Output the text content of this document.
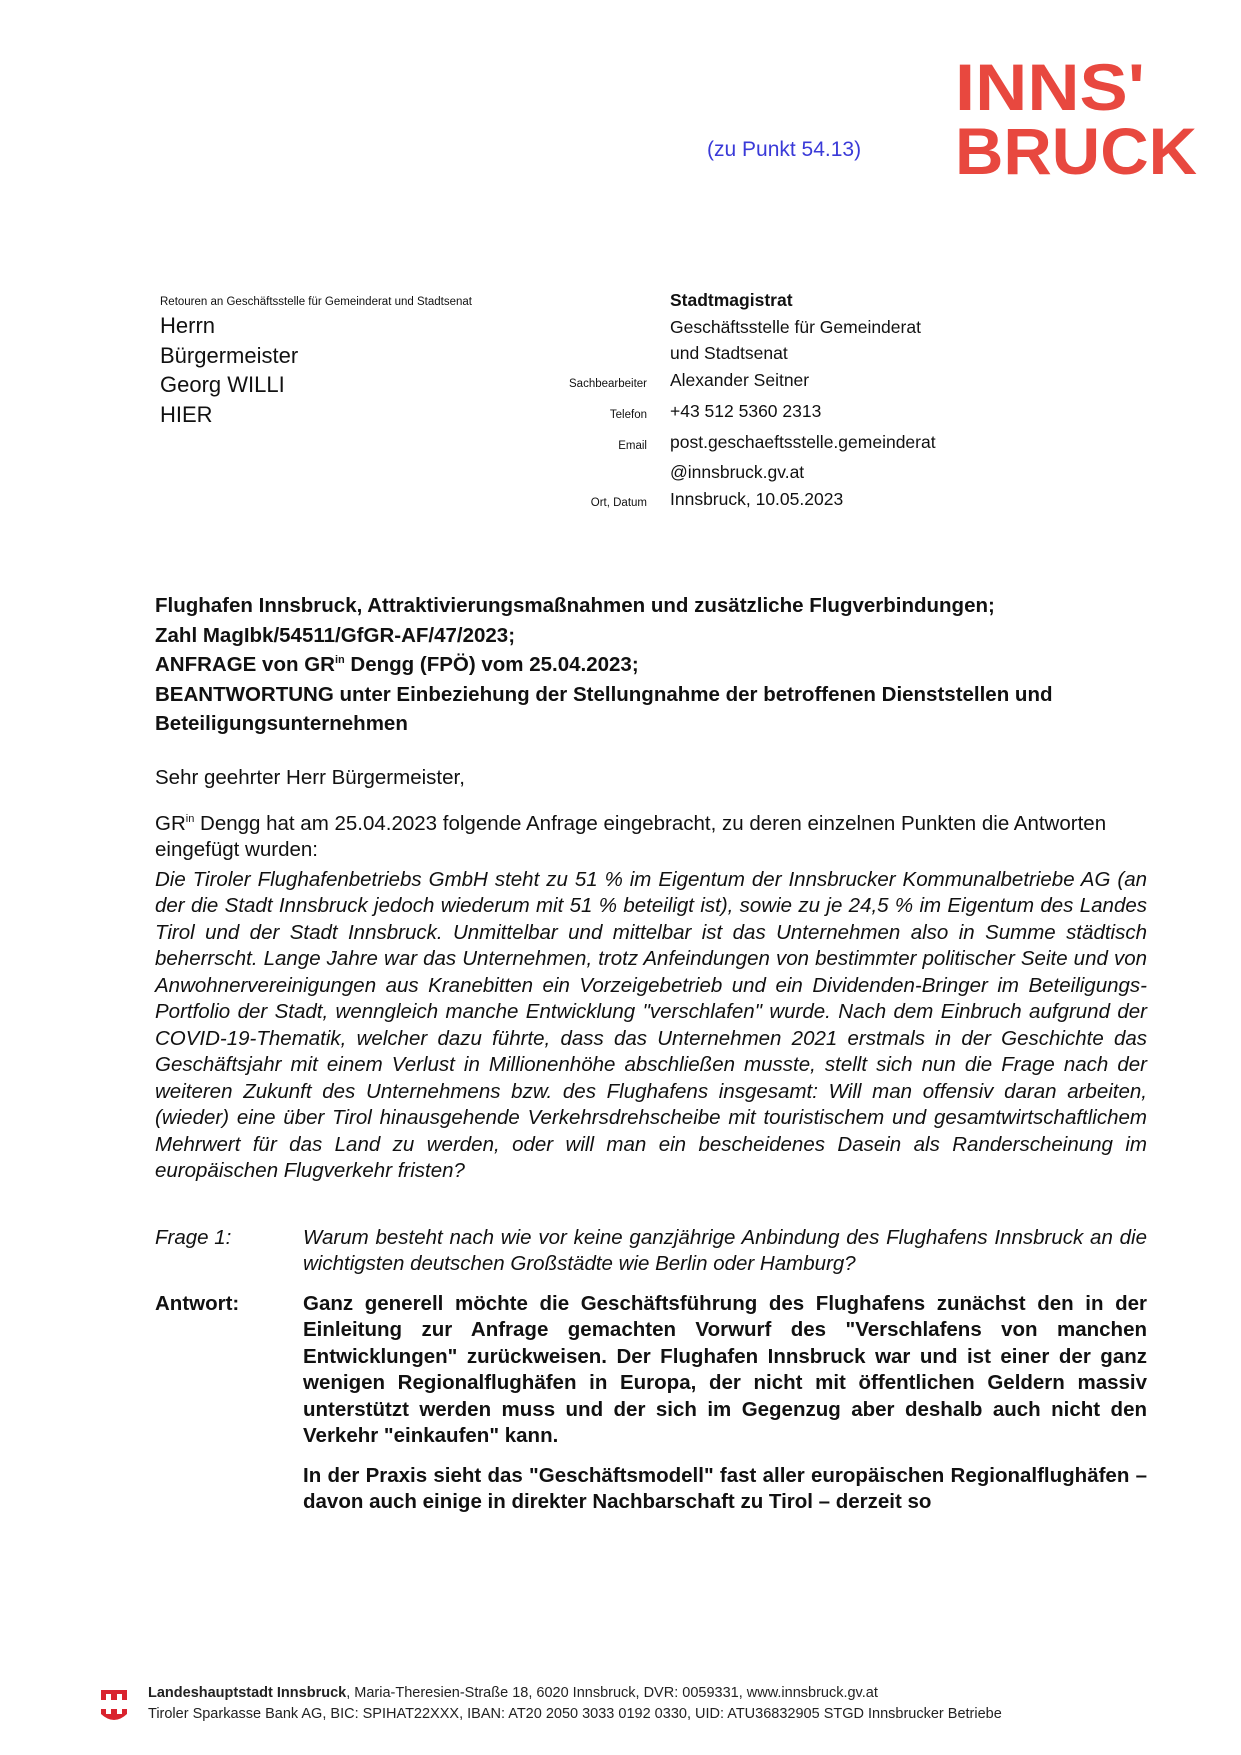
(zu Punkt 54.13)
INNS'
BRUCK
Retouren an Geschäftsstelle für Gemeinderat und Stadtsenat
Herrn
Bürgermeister
Georg WILLI
HIER
Stadtmagistrat
Geschäftsstelle für Gemeinderat
und Stadtsenat
Sachbearbeiter	Alexander Seitner
Telefon	+43 512 5360 2313
Email	post.geschaeftsstelle.gemeinderat
@innsbruck.gv.at
Ort, Datum	Innsbruck, 10.05.2023
Flughafen Innsbruck, Attraktivierungsmaßnahmen und zusätzliche Flugverbindungen;
Zahl MagIbk/54511/GfGR-AF/47/2023;
ANFRAGE von $GR^{in}$ Dengg (FPÖ) vom 25.04.2023;
BEANTWORTUNG unter Einbeziehung der Stellungnahme der betroffenen Dienststellen und Beteiligungsunternehmen

Sehr geehrter Herr Bürgermeister,

$GR^{in}$ Dengg hat am 25.04.2023 folgende Anfrage eingebracht, zu deren einzelnen Punkten die Antworten eingefügt wurden:

Die Tiroler Flughafenbetriebs GmbH steht zu 51 % im Eigentum der Innsbrucker Kommunalbetriebe AG (an der die Stadt Innsbruck jedoch wiederum mit 51 % beteiligt ist), sowie zu je 24,5 % im Eigentum des Landes Tirol und der Stadt Innsbruck. Unmittelbar und mittelbar ist das Unternehmen also in Summe städtisch beherrscht. Lange Jahre war das Unternehmen, trotz Anfeindungen von bestimmter politischer Seite und von Anwohnervereinigungen aus Kranebitten ein Vorzeigebetrieb und ein Dividenden-Bringer im Beteiligungs-Portfolio der Stadt, wenngleich manche Entwicklung "verschlafen" wurde. Nach dem Einbruch aufgrund der COVID-19-Thematik, welcher dazu führte, dass das Unternehmen 2021 erstmals in der Geschichte das Geschäftsjahr mit einem Verlust in Millionenhöhe abschließen musste, stellt sich nun die Frage nach der weiteren Zukunft des Unternehmens bzw. des Flughafens insgesamt: Will man offensiv daran arbeiten, (wieder) eine über Tirol hinausgehende Verkehrsdrehscheibe mit touristischem und gesamtwirtschaftlichem Mehrwert für das Land zu werden, oder will man ein bescheidenes Dasein als Randerscheinung im europäischen Flugverkehr fristen?

Frage 1:	Warum besteht nach wie vor keine ganzjährige Anbindung des Flughafens Innsbruck an die wichtigsten deutschen Großstädte wie Berlin oder Hamburg?
Antwort:	Ganz generell möchte die Geschäftsführung des Flughafens zunächst den in der Einleitung zur Anfrage gemachten Vorwurf des "Verschlafens von manchen Entwicklungen" zurückweisen. Der Flughafen Innsbruck war und ist einer der ganz wenigen Regionalflughäfen in Europa, der nicht mit öffentlichen Geldern massiv unterstützt werden muss und der sich im Gegenzug aber deshalb auch nicht den Verkehr "einkaufen" kann.

In der Praxis sieht das "Geschäftsmodell" fast aller europäischen Regionalflughäfen – davon auch einige in direkter Nachbarschaft zu Tirol – derzeit so

Landeshauptstadt Innsbruck, Maria-Theresien-Straße 18, 6020 Innsbruck, DVR: 0059331, www.innsbruck.gv.at
Tiroler Sparkasse Bank AG, BIC: SPIHAT22XXX, IBAN: AT20 2050 3033 0192 0330, UID: ATU36832905 STGD Innsbrucker Betriebe
